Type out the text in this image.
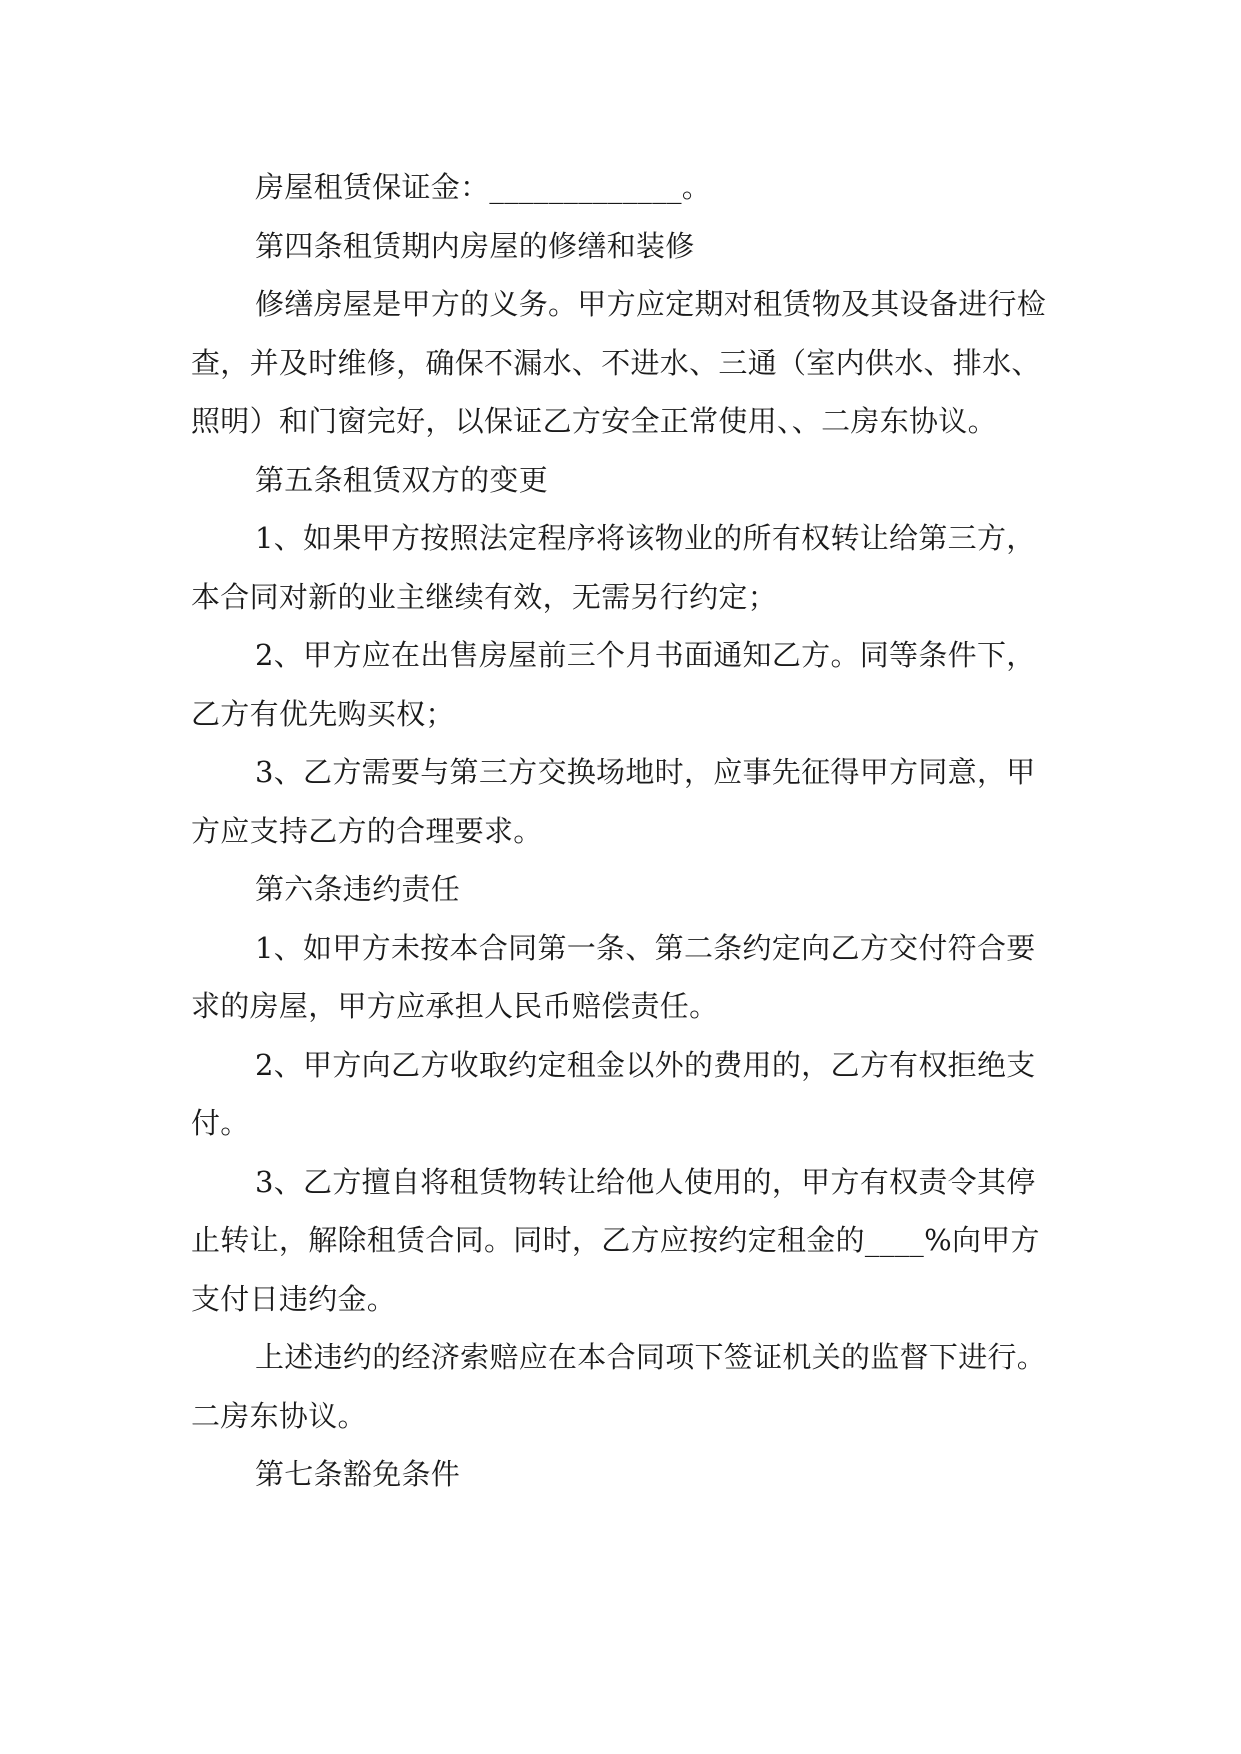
房屋租赁保证金：_____________。

第四条租赁期内房屋的修缮和装修

修缮房屋是甲方的义务。甲方应定期对租赁物及其设备进行检查，并及时维修，确保不漏水、不进水、三通（室内供水、排水、照明）和门窗完好，以保证乙方安全正常使用、、二房东协议。

第五条租赁双方的变更

1、如果甲方按照法定程序将该物业的所有权转让给第三方，本合同对新的业主继续有效，无需另行约定；

2、甲方应在出售房屋前三个月书面通知乙方。同等条件下，乙方有优先购买权；

3、乙方需要与第三方交换场地时，应事先征得甲方同意，甲方应支持乙方的合理要求。

第六条违约责任

1、如甲方未按本合同第一条、第二条约定向乙方交付符合要求的房屋，甲方应承担人民币赔偿责任。

2、甲方向乙方收取约定租金以外的费用的，乙方有权拒绝支付。

3、乙方擅自将租赁物转让给他人使用的，甲方有权责令其停止转让，解除租赁合同。同时，乙方应按约定租金的____%向甲方支付日违约金。

上述违约的经济索赔应在本合同项下签证机关的监督下进行。二房东协议。

第七条豁免条件
